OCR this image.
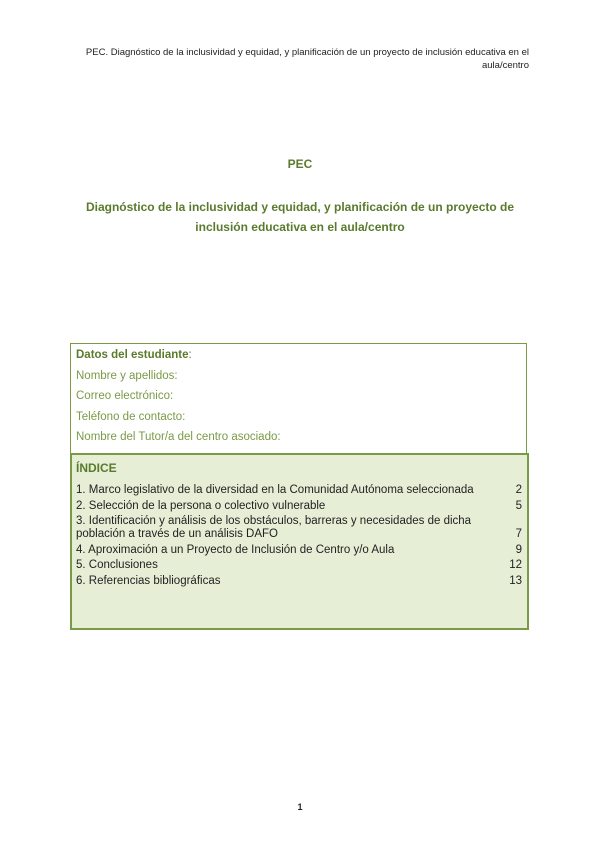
PEC. Diagnóstico de la inclusividad y equidad, y planificación de un proyecto de inclusión educativa en el aula/centro
PEC
Diagnóstico de la inclusividad y equidad, y planificación de un proyecto de inclusión educativa en el aula/centro
Datos del estudiante:
Nombre y apellidos:
Correo electrónico:
Teléfono de contacto:
Nombre del Tutor/a del centro asociado:
ÍNDICE
1. Marco legislativo de la diversidad en la Comunidad Autónoma seleccionada	2
2. Selección de la persona o colectivo vulnerable	5
3. Identificación y análisis de los obstáculos, barreras y necesidades de dicha población a través de un análisis DAFO	7
4. Aproximación a un Proyecto de Inclusión de Centro y/o Aula	9
5. Conclusiones	12
6. Referencias bibliográficas	13
1
